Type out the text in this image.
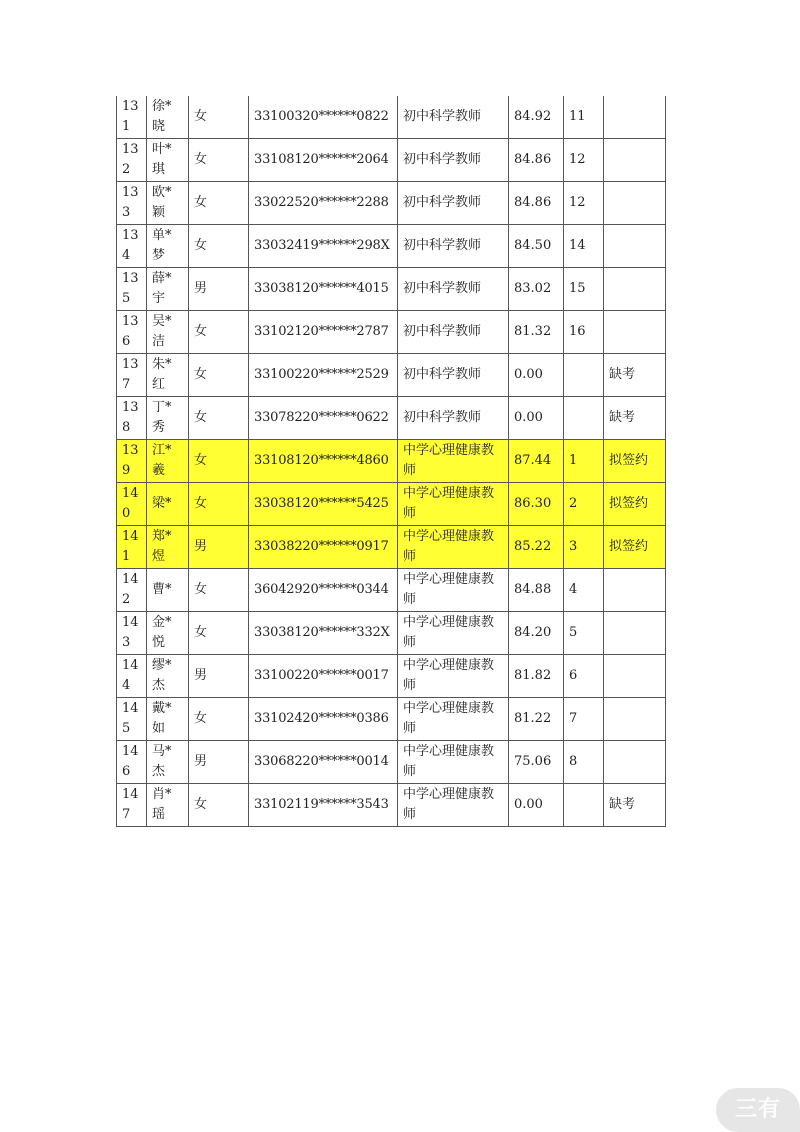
131	徐*晓	女	33100320******0822	初中科学教师	84.92	11	
132	叶*琪	女	33108120******2064	初中科学教师	84.86	12	
133	欧*颖	女	33022520******2288	初中科学教师	84.86	12	
134	单*梦	女	33032419******298X	初中科学教师	84.50	14	
135	薛*宇	男	33038120******4015	初中科学教师	83.02	15	
136	吴*洁	女	33102120******2787	初中科学教师	81.32	16	
137	朱*红	女	33100220******2529	初中科学教师	0.00		缺考
138	丁*秀	女	33078220******0622	初中科学教师	0.00		缺考
139	江*羲	女	33108120******4860	中学心理健康教师	87.44	1	拟签约
140	梁*	女	33038120******5425	中学心理健康教师	86.30	2	拟签约
141	郑*煜	男	33038220******0917	中学心理健康教师	85.22	3	拟签约
142	曹*	女	36042920******0344	中学心理健康教师	84.88	4	
143	金*悦	女	33038120******332X	中学心理健康教师	84.20	5	
144	缪*杰	男	33100220******0017	中学心理健康教师	81.82	6	
145	戴*如	女	33102420******0386	中学心理健康教师	81.22	7	
146	马*杰	男	33068220******0014	中学心理健康教师	75.06	8	
147	肖*瑶	女	33102119******3543	中学心理健康教师	0.00		缺考
三有
